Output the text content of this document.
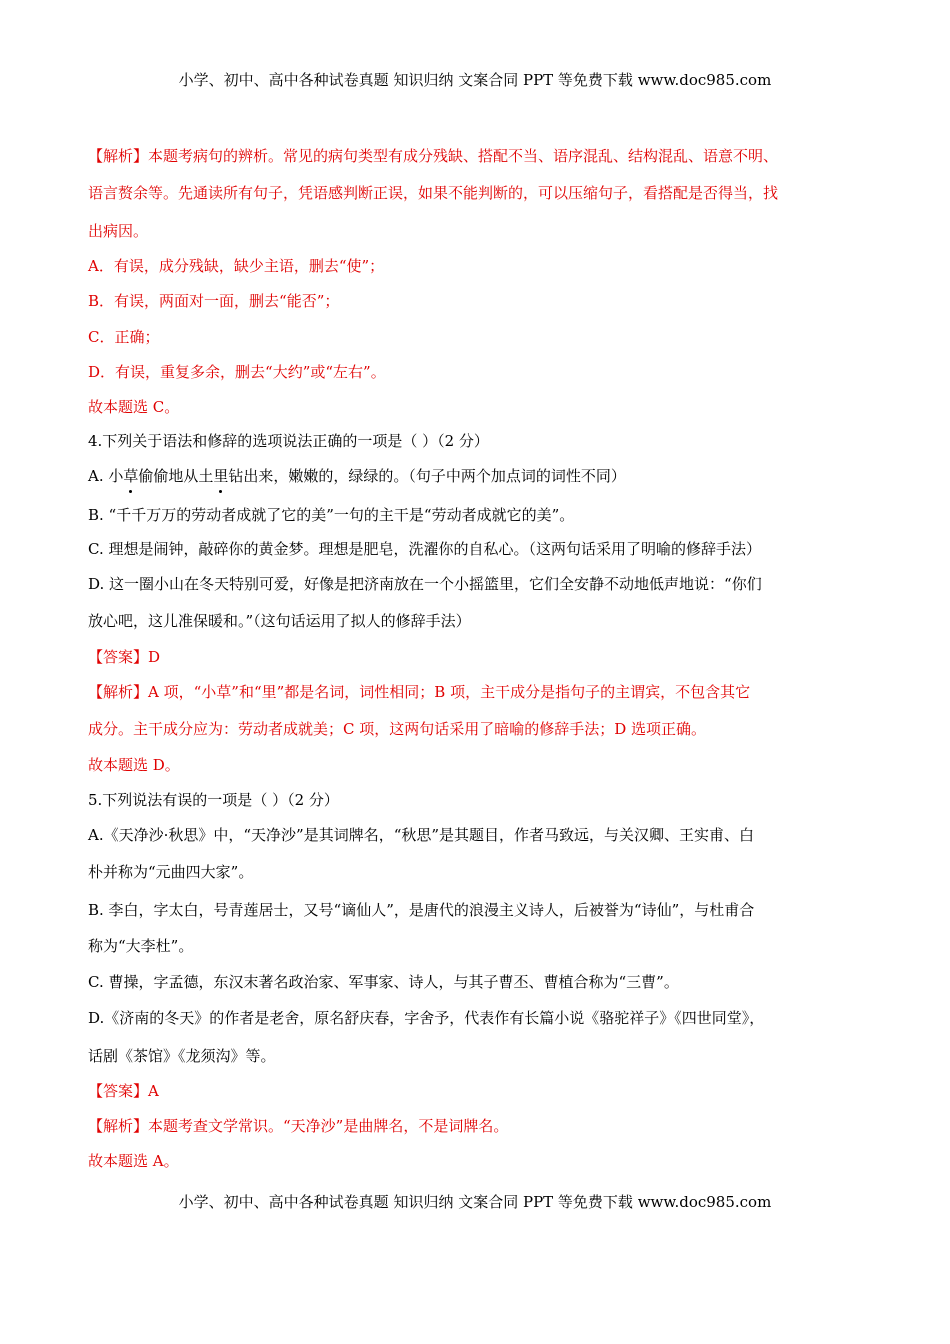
小学、初中、高中各种试卷真题 知识归纳 文案合同 PPT 等免费下载 www.doc985.com
【解析】本题考病句的辨析。常见的病句类型有成分残缺、搭配不当、语序混乱、结构混乱、语意不明、
语言赘余等。先通读所有句子，凭语感判断正误，如果不能判断的，可以压缩句子，看搭配是否得当，找
出病因。
A．有误，成分残缺，缺少主语，删去“使”；
B．有误，两面对一面，删去“能否”；
C．正确；
D．有误，重复多余，删去“大约”或“左右”。
故本题选 C。
4.下列关于语法和修辞的选项说法正确的一项是（ ）（2 分）
A. 小草偷偷地从土里钻出来，嫩嫩的，绿绿的。（句子中两个加点词的词性不同）
B. “千千万万的劳动者成就了它的美”一句的主干是“劳动者成就它的美”。
C. 理想是闹钟，敲碎你的黄金梦。理想是肥皂，洗濯你的自私心。（这两句话采用了明喻的修辞手法）
D. 这一圈小山在冬天特别可爱，好像是把济南放在一个小摇篮里，它们全安静不动地低声地说：“你们
放心吧，这儿准保暖和。”（这句话运用了拟人的修辞手法）
【答案】D
【解析】A 项，“小草”和“里”都是名词，词性相同；B 项，主干成分是指句子的主谓宾，不包含其它
成分。主干成分应为：劳动者成就美；C 项，这两句话采用了暗喻的修辞手法；D 选项正确。
故本题选 D。
5.下列说法有误的一项是（ ）（2 分）
A.《天净沙·秋思》中，“天净沙”是其词牌名，“秋思”是其题目，作者马致远，与关汉卿、王实甫、白
朴并称为“元曲四大家”。
B. 李白，字太白，号青莲居士，又号“谪仙人”，是唐代的浪漫主义诗人，后被誉为“诗仙”，与杜甫合
称为“大李杜”。
C. 曹操，字孟德，东汉末著名政治家、军事家、诗人，与其子曹丕、曹植合称为“三曹”。
D.《济南的冬天》的作者是老舍，原名舒庆春，字舍予，代表作有长篇小说《骆驼祥子》《四世同堂》，
话剧《茶馆》《龙须沟》等。
【答案】A
【解析】本题考查文学常识。“天净沙”是曲牌名，不是词牌名。
故本题选 A。
小学、初中、高中各种试卷真题 知识归纳 文案合同 PPT 等免费下载 www.doc985.com
